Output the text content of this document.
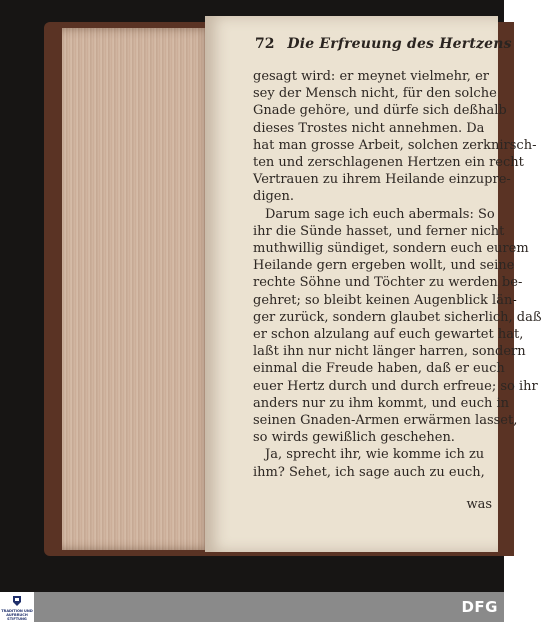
72 Die Erfreuung des Hertzens
gesagt wird: er meynet vielmehr, er
sey der Mensch nicht, für den solche
Gnade gehöre, und dürfe sich deßhalb
dieses Trostes nicht annehmen. Da
hat man grosse Arbeit, solchen zerknirsch-
ten und zerschlagenen Hertzen ein recht
Vertrauen zu ihrem Heilande einzupre-
digen.
Darum sage ich euch abermals: So
ihr die Sünde hasset, und ferner nicht
muthwillig sündiget, sondern euch eurem
Heilande gern ergeben wollt, und seine
rechte Söhne und Töchter zu werden be-
gehret; so bleibt keinen Augenblick län-
ger zurück, sondern glaubet sicherlich, daß
er schon alzulang auf euch gewartet hat,
laßt ihn nur nicht länger harren, sondern
einmal die Freude haben, daß er euch
euer Hertz durch und durch erfreue; so ihr
anders nur zu ihm kommt, und euch in
seinen Gnaden-Armen erwärmen lasset,
so wirds gewißlich geschehen.
Ja, sprecht ihr, wie komme ich zu
ihm? Sehet, ich sage auch zu euch,
was
TRADITION UND AUFBRUCH
STIFTUNG
DFG
